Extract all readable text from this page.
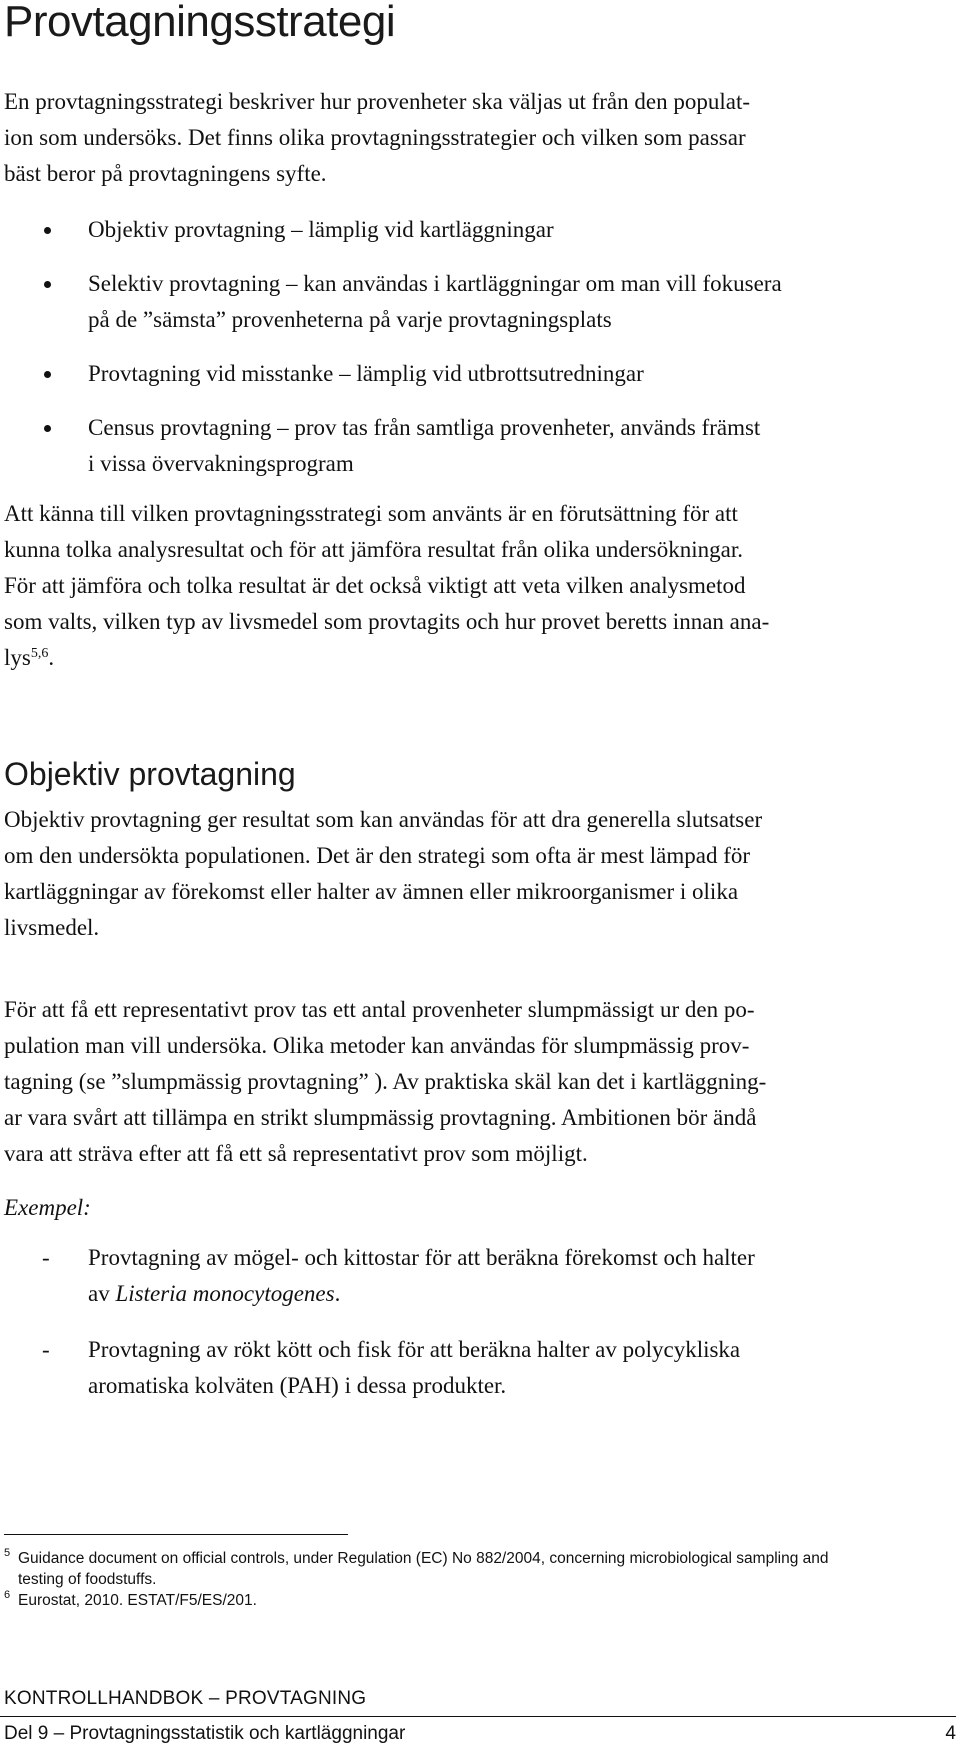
Provtagningsstrategi

En provtagningsstrategi beskriver hur provenheter ska väljas ut från den populat-
ion som undersöks. Det finns olika provtagningsstrategier och vilken som passar
bäst beror på provtagningens syfte.

Objektiv provtagning – lämplig vid kartläggningar
Selektiv provtagning – kan användas i kartläggningar om man vill fokusera
på de ”sämsta” provenheterna på varje provtagningsplats
Provtagning vid misstanke – lämplig vid utbrottsutredningar
Census provtagning – prov tas från samtliga provenheter, används främst
i vissa övervakningsprogram

Att känna till vilken provtagningsstrategi som använts är en förutsättning för att
kunna tolka analysresultat och för att jämföra resultat från olika undersökningar.
För att jämföra och tolka resultat är det också viktigt att veta vilken analysmetod
som valts, vilken typ av livsmedel som provtagits och hur provet beretts innan ana-
lys$^{5,6}$.

Objektiv provtagning

Objektiv provtagning ger resultat som kan användas för att dra generella slutsatser
om den undersökta populationen. Det är den strategi som ofta är mest lämpad för
kartläggningar av förekomst eller halter av ämnen eller mikroorganismer i olika
livsmedel.

För att få ett representativt prov tas ett antal provenheter slumpmässigt ur den po-
pulation man vill undersöka. Olika metoder kan användas för slumpmässig prov-
tagning (se ”slumpmässig provtagning” ). Av praktiska skäl kan det i kartläggning-
ar vara svårt att tillämpa en strikt slumpmässig provtagning. Ambitionen bör ändå
vara att sträva efter att få ett så representativt prov som möjligt.

Exempel:

- Provtagning av mögel- och kittostar för att beräkna förekomst och halter
av Listeria monocytogenes.
- Provtagning av rökt kött och fisk för att beräkna halter av polycykliska
aromatiska kolväten (PAH) i dessa produkter.
5 Guidance document on official controls, under Regulation (EC) No 882/2004, concerning microbiological sampling and
testing of foodstuffs.
6 Eurostat, 2010. ESTAT/F5/ES/201.
KONTROLLHANDBOK – PROVTAGNING
Del 9 – Provtagningsstatistik och kartläggningar	4
